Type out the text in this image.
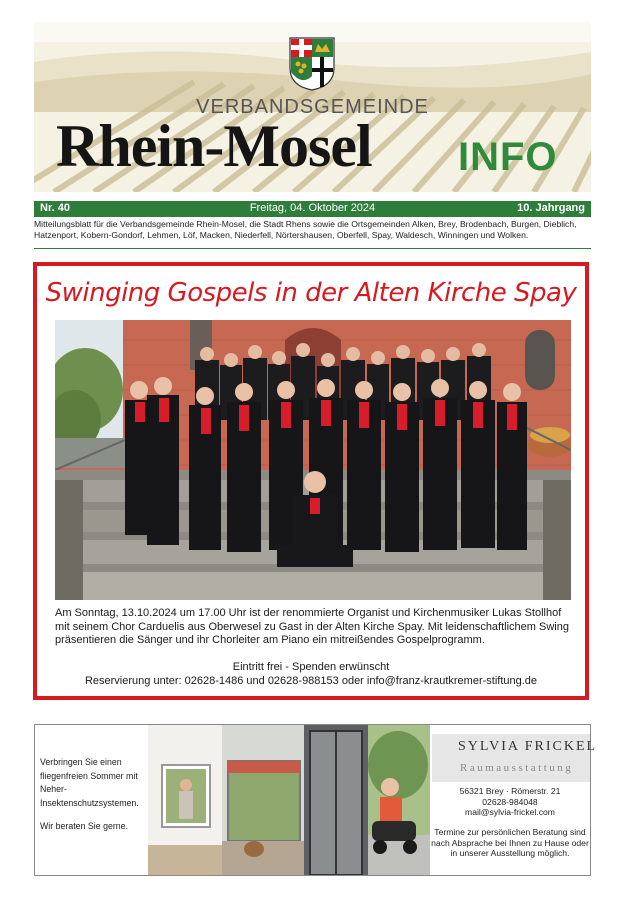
VERBANDSGEMEINDE
Rhein-Mosel INFO
Freitag, 04. Oktober 2024
Nr. 40	10. Jahrgang
Mitteilungsblatt für die Verbandsgemeinde Rhein-Mosel, die Stadt Rhens sowie die Ortsgemeinden Alken, Brey, Brodenbach, Burgen, Dieblich, Hatzenport, Kobern-Gondorf, Lehmen, Löf, Macken, Niederfell, Nörtershausen, Oberfell, Spay, Waldesch, Winningen und Wolken.
Swinging Gospels in der Alten Kirche Spay
Am Sonntag, 13.10.2024 um 17.00 Uhr ist der renommierte Organist und Kirchenmusiker Lukas Stollhof mit seinem Chor Carduelis aus Oberwesel zu Gast in der Alten Kirche Spay. Mit leidenschaftlichem Swing präsentieren die Sänger und ihr Chorleiter am Piano ein mitreißendes Gospelprogramm.
Eintritt frei - Spenden erwünscht
Reservierung unter: 02628-1486 und 02628-988153 oder info@franz-krautkremer-stiftung.de

Verbringen Sie einen fliegenfreien Sommer mit Neher-Insektenschutzsystemen.

Wir beraten Sie gerne.

SYLVIA FRICKEL
Raumausstattung
56321 Brey · Römerstr. 21
02628-984048
mail@sylvia-frickel.com
Termine zur persönlichen Beratung sind nach Absprache bei Ihnen zu Hause oder in unserer Ausstellung möglich.
